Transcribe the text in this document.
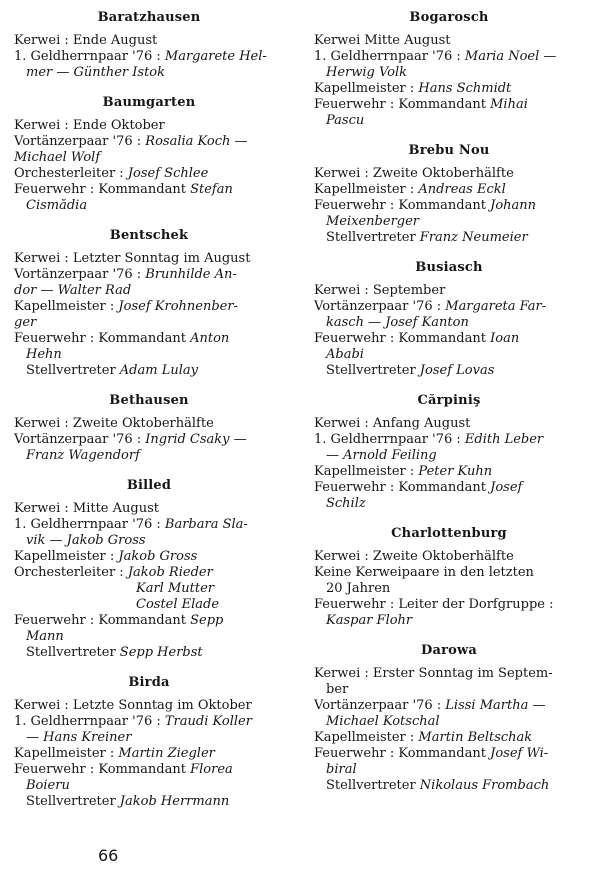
Baratzhausen
Kerwei : Ende August
1. Geldherrnpaar '76 : Margarete Hel-
mer — Günther Istok
Baumgarten
Kerwei : Ende Oktober
Vortänzerpaar '76 : Rosalia Koch —
Michael Wolf
Orchesterleiter : Josef Schlee
Feuerwehr : Kommandant Stefan
Cismădia
Bentschek
Kerwei : Letzter Sonntag im August
Vortänzerpaar '76 : Brunhilde An-
dor — Walter Rad
Kapellmeister : Josef Krohnenber-
ger
Feuerwehr : Kommandant Anton
Hehn
Stellvertreter Adam Lulay
Bethausen
Kerwei : Zweite Oktoberhälfte
Vortänzerpaar '76 : Ingrid Csaky —
Franz Wagendorf
Billed
Kerwei : Mitte August
1. Geldherrnpaar '76 : Barbara Sla-
vik — Jakob Gross
Kapellmeister : Jakob Gross
Orchesterleiter : Jakob Rieder
Karl Mutter
Costel Elade
Feuerwehr : Kommandant Sepp
Mann
Stellvertreter Sepp Herbst
Birda
Kerwei : Letzte Sonntag im Oktober
1. Geldherrnpaar '76 : Traudi Koller
— Hans Kreiner
Kapellmeister : Martin Ziegler
Feuerwehr : Kommandant Florea
Boieru
Stellvertreter Jakob Herrmann
Bogarosch
Kerwei Mitte August
1. Geldherrnpaar '76 : Maria Noel —
Herwig Volk
Kapellmeister : Hans Schmidt
Feuerwehr : Kommandant Mihai
Pascu
Brebu Nou
Kerwei : Zweite Oktoberhälfte
Kapellmeister : Andreas Eckl
Feuerwehr : Kommandant Johann
Meixenberger
Stellvertreter Franz Neumeier
Busiasch
Kerwei : September
Vortänzerpaar '76 : Margareta Far-
kasch — Josef Kanton
Feuerwehr : Kommandant Ioan
Ababi
Stellvertreter Josef Lovas
Cărpiniş
Kerwei : Anfang August
1. Geldherrnpaar '76 : Edith Leber
— Arnold Feiling
Kapellmeister : Peter Kuhn
Feuerwehr : Kommandant Josef
Schilz
Charlottenburg
Kerwei : Zweite Oktoberhälfte
Keine Kerweipaare in den letzten
20 Jahren
Feuerwehr : Leiter der Dorfgruppe :
Kaspar Flohr
Darowa
Kerwei : Erster Sonntag im Septem-
ber
Vortänzerpaar '76 : Lissi Martha —
Michael Kotschal
Kapellmeister : Martin Beltschak
Feuerwehr : Kommandant Josef Wi-
biral
Stellvertreter Nikolaus Frombach
66
